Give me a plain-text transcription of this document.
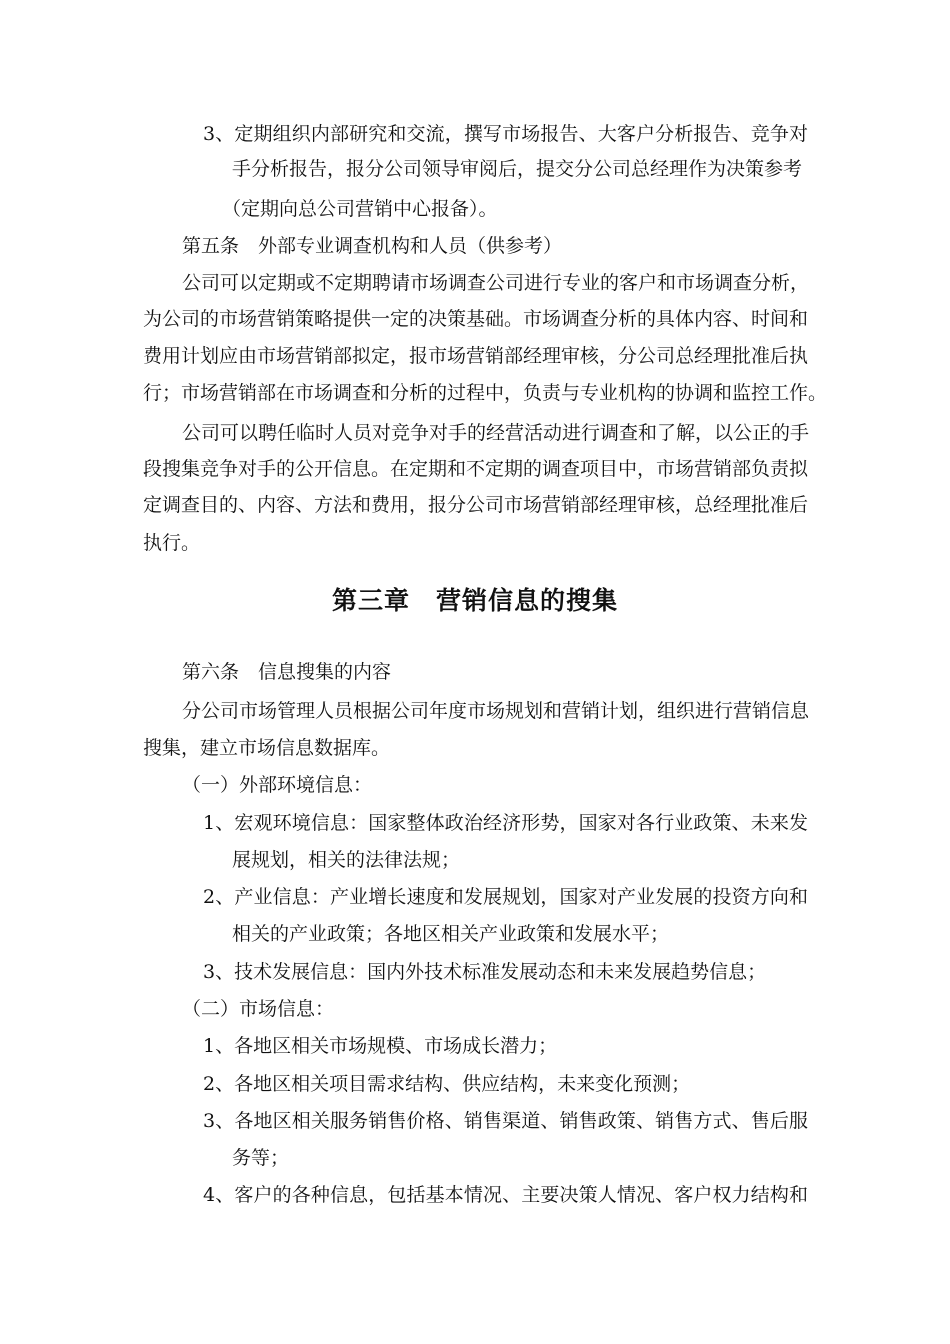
3、定期组织内部研究和交流，撰写市场报告、大客户分析报告、竞争对
手分析报告，报分公司领导审阅后，提交分公司总经理作为决策参考
（定期向总公司营销中心报备）。
第五条　外部专业调查机构和人员（供参考）
公司可以定期或不定期聘请市场调查公司进行专业的客户和市场调查分析，
为公司的市场营销策略提供一定的决策基础。市场调查分析的具体内容、时间和
费用计划应由市场营销部拟定，报市场营销部经理审核，分公司总经理批准后执
行；市场营销部在市场调查和分析的过程中，负责与专业机构的协调和监控工作。
公司可以聘任临时人员对竞争对手的经营活动进行调查和了解，以公正的手
段搜集竞争对手的公开信息。在定期和不定期的调查项目中，市场营销部负责拟
定调查目的、内容、方法和费用，报分公司市场营销部经理审核，总经理批准后
执行。
第三章　营销信息的搜集
第六条　信息搜集的内容
分公司市场管理人员根据公司年度市场规划和营销计划，组织进行营销信息
搜集，建立市场信息数据库。
（一）外部环境信息：
1、宏观环境信息：国家整体政治经济形势，国家对各行业政策、未来发
展规划，相关的法律法规；
2、产业信息：产业增长速度和发展规划，国家对产业发展的投资方向和
相关的产业政策；各地区相关产业政策和发展水平；
3、技术发展信息：国内外技术标准发展动态和未来发展趋势信息；
（二）市场信息：
1、各地区相关市场规模、市场成长潜力；
2、各地区相关项目需求结构、供应结构，未来变化预测；
3、各地区相关服务销售价格、销售渠道、销售政策、销售方式、售后服
务等；
4、客户的各种信息，包括基本情况、主要决策人情况、客户权力结构和
